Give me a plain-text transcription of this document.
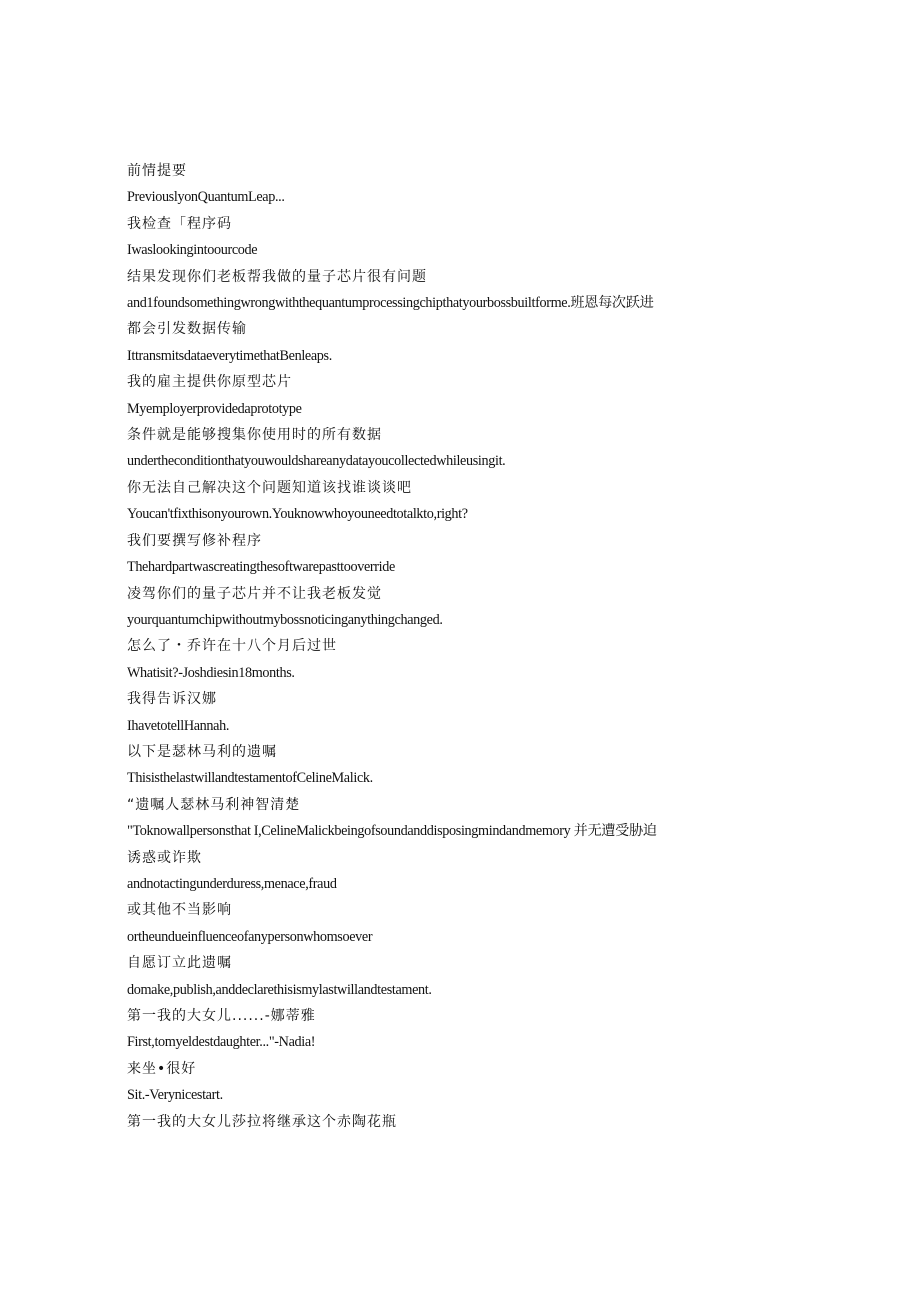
前情提要

PreviouslyonQuantumLeap...

我检查「程序码

Iwaslookingintoourcode

结果发现你们老板帮我做的量子芯片很有问题

and1foundsomethingwrongwiththequantumprocessingchipthatyourbossbuiltforme.班恩每次跃进

都会引发数据传输

IttransmitsdataeverytimethatBenleaps.

我的雇主提供你原型芯片

Myemployerprovidedaprototype

条件就是能够搜集你使用时的所有数据

undertheconditionthatyouwouldshareanydatayoucollectedwhileusingit.

你无法自己解决这个问题知道该找谁谈谈吧

Youcan'tfixthisonyourown.Youknowwhoyouneedtotalkto,right?

我们要撰写修补程序

Thehardpartwascreatingthesoftwarepasttooverride

凌驾你们的量子芯片并不让我老板发觉

yourquantumchipwithoutmybossnoticinganythingchanged.

怎么了・乔许在十八个月后过世

Whatisit?-Joshdiesin18months.

我得告诉汉娜

IhavetotellHannah.

以下是瑟林马利的遗嘱

ThisisthelastwillandtestamentofCelineMalick.

“遗嘱人瑟林马利神智清楚

"Toknowallpersonsthat I,CelineMalickbeingofsoundanddisposingmindandmemory 并无遭受胁迫

诱惑或诈欺

andnotactingunderduress,menace,fraud

或其他不当影响

ortheundueinfluenceofanypersonwhomsoever

自愿订立此遗嘱

domake,publish,anddeclarethisismylastwillandtestament.

第一我的大女儿......-娜蒂雅

First,tomyeldestdaughter..."-Nadia!

来坐•很好

Sit.-Verynicestart.

第一我的大女儿莎拉将继承这个赤陶花瓶
